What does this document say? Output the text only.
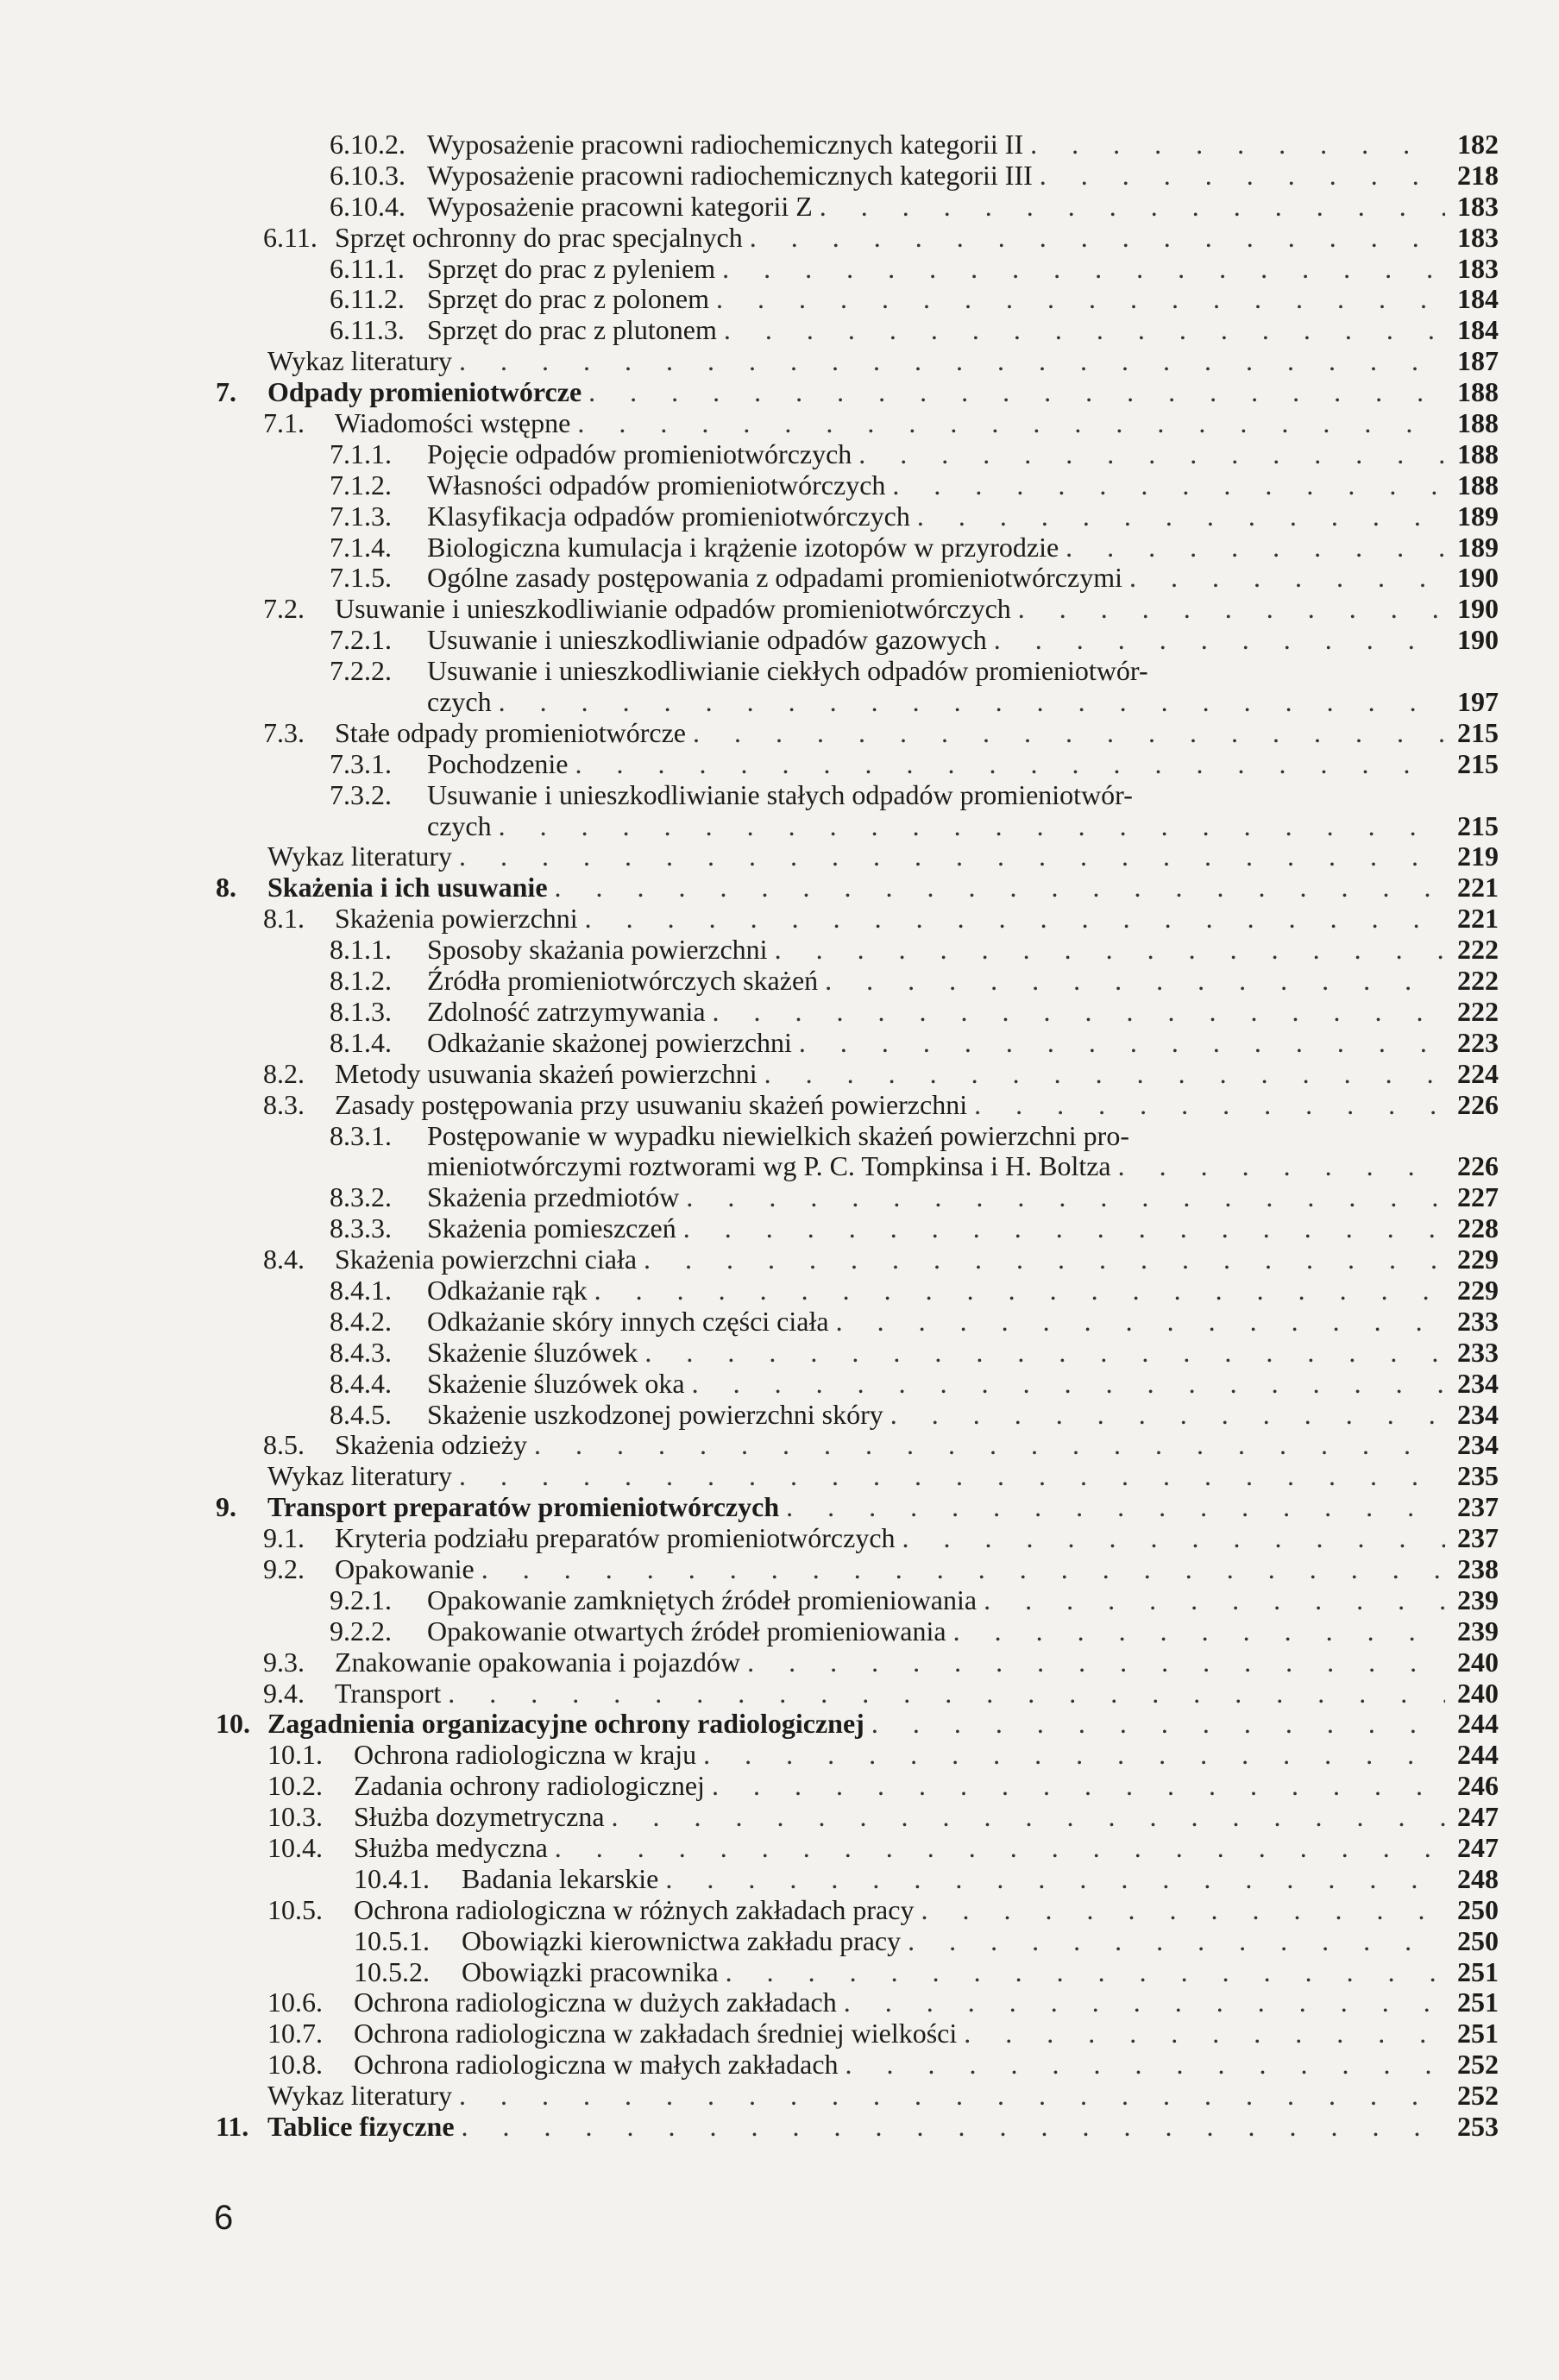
6.10.2. Wyposażenie pracowni radiochemicznych kategorii II . . .	182
6.10.3. Wyposażenie pracowni radiochemicznych kategorii III . . .	218
6.10.4. Wyposażenie pracowni kategorii Z . . .	183
6.11. Sprzęt ochronny do prac specjalnych . . .	183
6.11.1. Sprzęt do prac z pyleniem . . .	183
6.11.2. Sprzęt do prac z polonem . . .	184
6.11.3. Sprzęt do prac z plutonem . . .	184
Wykaz literatury . . .	187
7. Odpady promieniotwórcze . . .	188
7.1. Wiadomości wstępne . . .	188
7.1.1. Pojęcie odpadów promieniotwórczych . . .	188
7.1.2. Własności odpadów promieniotwórczych . . .	188
7.1.3. Klasyfikacja odpadów promieniotwórczych . . .	189
7.1.4. Biologiczna kumulacja i krążenie izotopów w przyrodzie . . .	189
7.1.5. Ogólne zasady postępowania z odpadami promieniotwórczymi . . .	190
7.2. Usuwanie i unieszkodliwianie odpadów promieniotwórczych . . .	190
7.2.1. Usuwanie i unieszkodliwianie odpadów gazowych . . .	190
7.2.2. Usuwanie i unieszkodliwianie ciekłych odpadów promieniotwór-
czych . . .	197
7.3. Stałe odpady promieniotwórcze . . .	215
7.3.1. Pochodzenie . . .	215
7.3.2. Usuwanie i unieszkodliwianie stałych odpadów promieniotwór-
czych . . .	215
Wykaz literatury . . .	219
8. Skażenia i ich usuwanie . . .	221
8.1. Skażenia powierzchni . . .	221
8.1.1. Sposoby skażania powierzchni . . .	222
8.1.2. Źródła promieniotwórczych skażeń . . .	222
8.1.3. Zdolność zatrzymywania . . .	222
8.1.4. Odkażanie skażonej powierzchni . . .	223
8.2. Metody usuwania skażeń powierzchni . . .	224
8.3. Zasady postępowania przy usuwaniu skażeń powierzchni . . .	226
8.3.1. Postępowanie w wypadku niewielkich skażeń powierzchni pro-
mieniotwórczymi roztworami wg P. C. Tompkinsa i H. Boltza . . .	226
8.3.2. Skażenia przedmiotów . . .	227
8.3.3. Skażenia pomieszczeń . . .	228
8.4. Skażenia powierzchni ciała . . .	229
8.4.1. Odkażanie rąk . . .	229
8.4.2. Odkażanie skóry innych części ciała . . .	233
8.4.3. Skażenie śluzówek . . .	233
8.4.4. Skażenie śluzówek oka . . .	234
8.4.5. Skażenie uszkodzonej powierzchni skóry . . .	234
8.5. Skażenia odzieży . . .	234
Wykaz literatury . . .	235
9. Transport preparatów promieniotwórczych . . .	237
9.1. Kryteria podziału preparatów promieniotwórczych . . .	237
9.2. Opakowanie . . .	238
9.2.1. Opakowanie zamkniętych źródeł promieniowania . . .	239
9.2.2. Opakowanie otwartych źródeł promieniowania . . .	239
9.3. Znakowanie opakowania i pojazdów . . .	240
9.4. Transport . . .	240
10. Zagadnienia organizacyjne ochrony radiologicznej . . .	244
10.1. Ochrona radiologiczna w kraju . . .	244
10.2. Zadania ochrony radiologicznej . . .	246
10.3. Służba dozymetryczna . . .	247
10.4. Służba medyczna . . .	247
10.4.1. Badania lekarskie . . .	248
10.5. Ochrona radiologiczna w różnych zakładach pracy . . .	250
10.5.1. Obowiązki kierownictwa zakładu pracy . . .	250
10.5.2. Obowiązki pracownika . . .	251
10.6. Ochrona radiologiczna w dużych zakładach . . .	251
10.7. Ochrona radiologiczna w zakładach średniej wielkości . . .	251
10.8. Ochrona radiologiczna w małych zakładach . . .	252
Wykaz literatury . . .	252
11. Tablice fizyczne . . .	253
6
